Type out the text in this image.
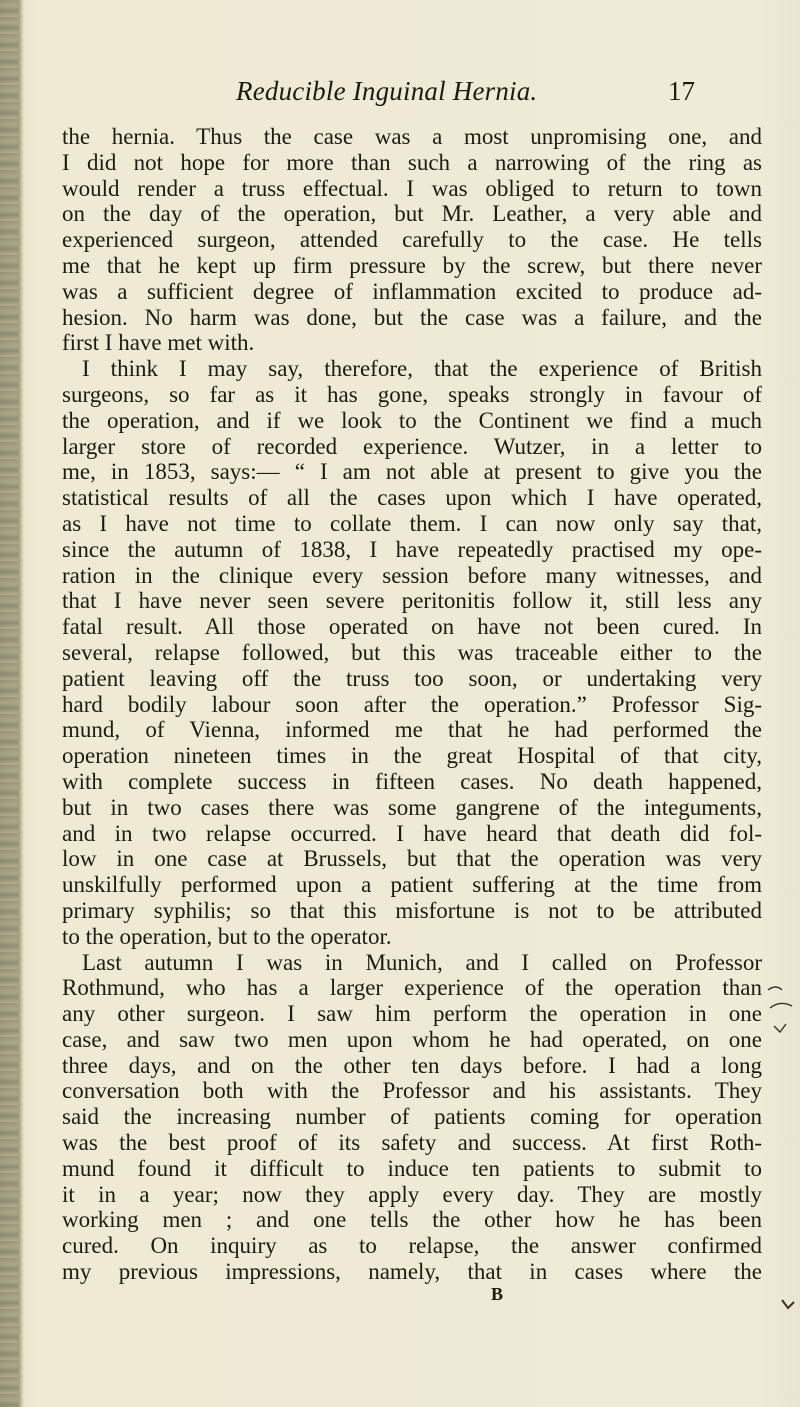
Reducible Inguinal Hernia.	17
the hernia. Thus the case was a most unpromising one, and
I did not hope for more than such a narrowing of the ring as
would render a truss effectual. I was obliged to return to town
on the day of the operation, but Mr. Leather, a very able and
experienced surgeon, attended carefully to the case. He tells
me that he kept up firm pressure by the screw, but there never
was a sufficient degree of inflammation excited to produce ad-
hesion. No harm was done, but the case was a failure, and the
first I have met with.
I think I may say, therefore, that the experience of British
surgeons, so far as it has gone, speaks strongly in favour of
the operation, and if we look to the Continent we find a much
larger store of recorded experience. Wutzer, in a letter to
me, in 1853, says:— “ I am not able at present to give you the
statistical results of all the cases upon which I have operated,
as I have not time to collate them. I can now only say that,
since the autumn of 1838, I have repeatedly practised my ope-
ration in the clinique every session before many witnesses, and
that I have never seen severe peritonitis follow it, still less any
fatal result. All those operated on have not been cured. In
several, relapse followed, but this was traceable either to the
patient leaving off the truss too soon, or undertaking very
hard bodily labour soon after the operation.” Professor Sig-
mund, of Vienna, informed me that he had performed the
operation nineteen times in the great Hospital of that city,
with complete success in fifteen cases. No death happened,
but in two cases there was some gangrene of the integuments,
and in two relapse occurred. I have heard that death did fol-
low in one case at Brussels, but that the operation was very
unskilfully performed upon a patient suffering at the time from
primary syphilis; so that this misfortune is not to be attributed
to the operation, but to the operator.
Last autumn I was in Munich, and I called on Professor
Rothmund, who has a larger experience of the operation than
any other surgeon. I saw him perform the operation in one
case, and saw two men upon whom he had operated, on one
three days, and on the other ten days before. I had a long
conversation both with the Professor and his assistants. They
said the increasing number of patients coming for operation
was the best proof of its safety and success. At first Roth-
mund found it difficult to induce ten patients to submit to
it in a year; now they apply every day. They are mostly
working men ; and one tells the other how he has been
cured. On inquiry as to relapse, the answer confirmed
my previous impressions, namely, that in cases where the
B
